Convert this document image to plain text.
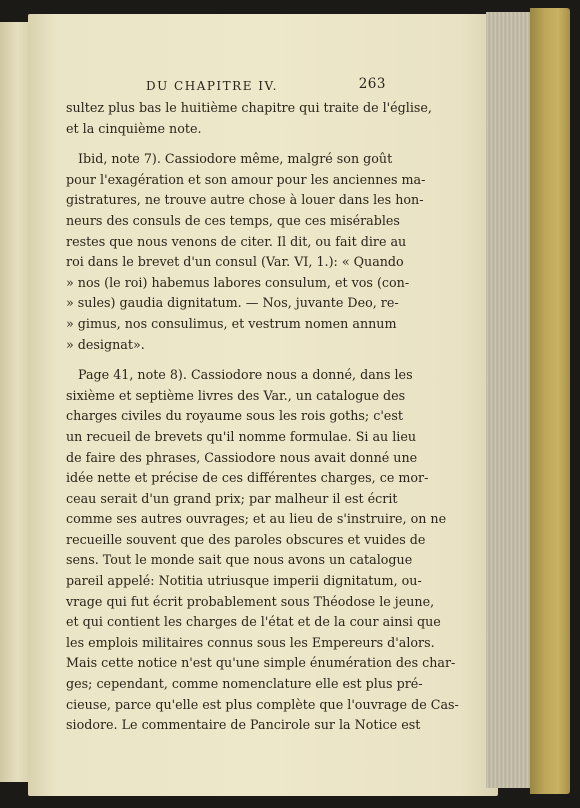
DU CHAPITRE IV.	263
sultez plus bas le huitième chapitre qui traite de l'église,
et la cinquième note.
Ibid, note 7). Cassiodore même, malgré son goût
pour l'exagération et son amour pour les anciennes ma-
gistratures, ne trouve autre chose à louer dans les hon-
neurs des consuls de ces temps, que ces misérables
restes que nous venons de citer. Il dit, ou fait dire au
roi dans le brevet d'un consul (Var. VI, 1.): « Quando
» nos (le roi) habemus labores consulum, et vos (con-
» sules) gaudia dignitatum. — Nos, juvante Deo, re-
» gimus, nos consulimus, et vestrum nomen annum
» designat».
Page 41, note 8). Cassiodore nous a donné, dans les
sixième et septième livres des Var., un catalogue des
charges civiles du royaume sous les rois goths; c'est
un recueil de brevets qu'il nomme formulae. Si au lieu
de faire des phrases, Cassiodore nous avait donné une
idée nette et précise de ces différentes charges, ce mor-
ceau serait d'un grand prix; par malheur il est écrit
comme ses autres ouvrages; et au lieu de s'instruire, on ne
recueille souvent que des paroles obscures et vuides de
sens. Tout le monde sait que nous avons un catalogue
pareil appelé: Notitia utriusque imperii dignitatum, ou-
vrage qui fut écrit probablement sous Théodose le jeune,
et qui contient les charges de l'état et de la cour ainsi que
les emplois militaires connus sous les Empereurs d'alors.
Mais cette notice n'est qu'une simple énumération des char-
ges; cependant, comme nomenclature elle est plus pré-
cieuse, parce qu'elle est plus complète que l'ouvrage de Cas-
siodore. Le commentaire de Pancirole sur la Notice est
